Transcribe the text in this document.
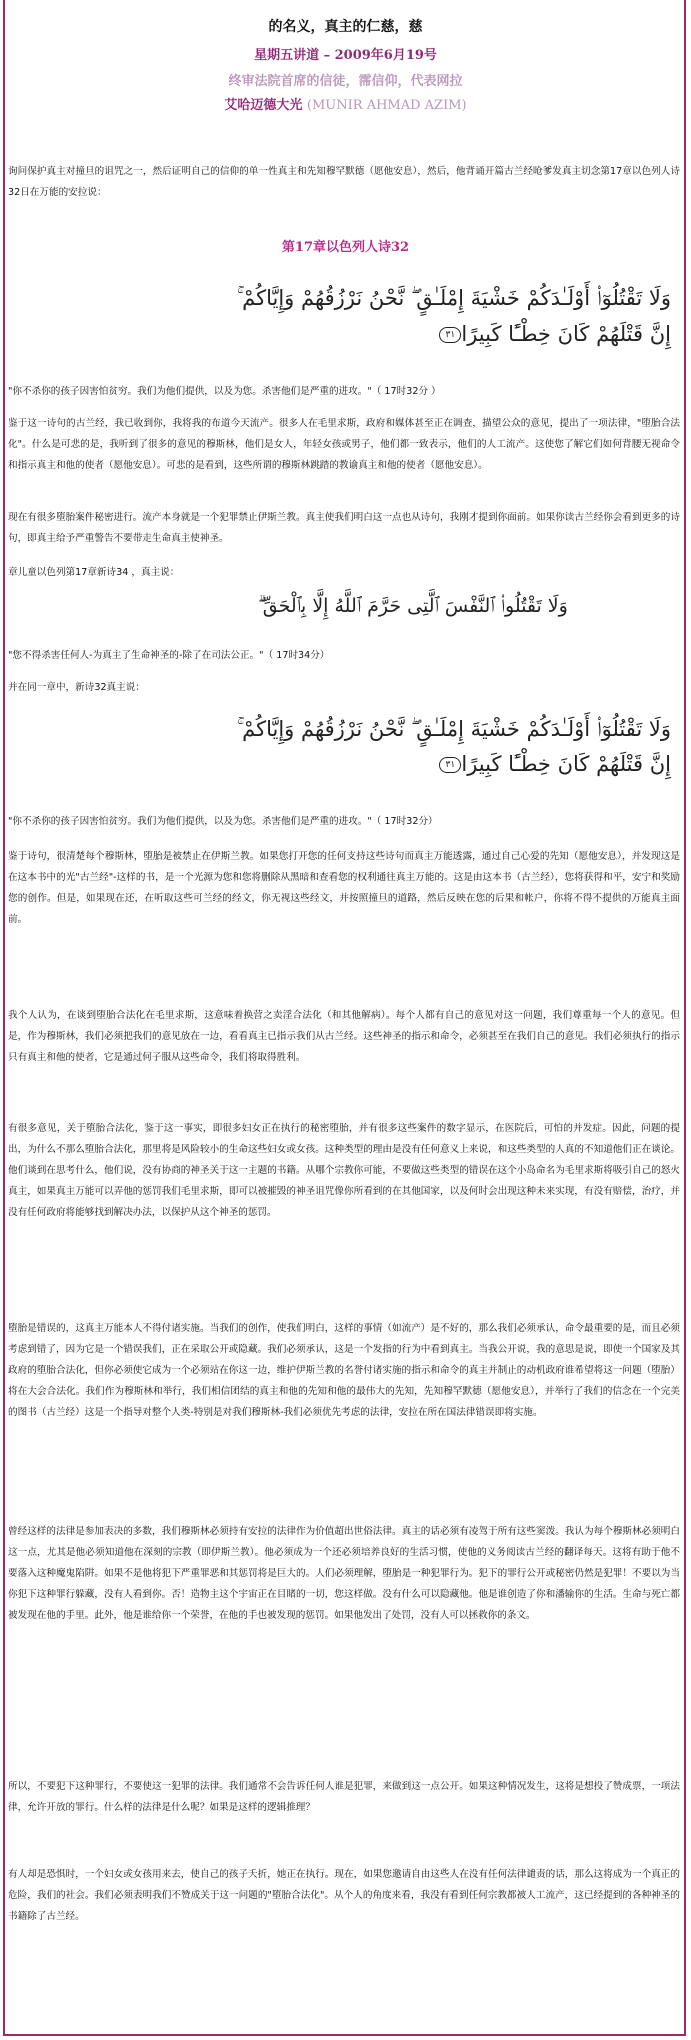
的名义，真主的仁慈，慈
星期五讲道 – 2009年6月19号
终审法院首席的信徒，霈信仰，代表网拉
艾哈迈德大光 (MUNIR AHMAD AZIM)

询问保护真主对撞旦的诅咒之一，然后证明自己的信仰的单一性真主和先知穆罕默德（愿他安息），然后，他背诵开篇古兰经呛爹发真主切念第17章以色列人诗32日在万能的安拉说：

第17章以色列人诗32
وَلَا تَقْتُلُوٓا۟ أَوْلَـٰدَكُمْ خَشْيَةَ إِمْلَـٰقٍ ۖ نَّحْنُ نَرْزُقُهُمْ وَإِيَّاكُمْ ۚ
إِنَّ قَتْلَهُمْ كَانَ خِطْـًٔا كَبِيرًا٣١

"你不杀你的孩子因害怕贫穷。我们为他们提供，以及为您。杀害他们是严重的进攻。"（ 17时32分 ）

鉴于这一诗句的古兰经，我已收到你，我将我的布道今天流产。很多人在毛里求斯，政府和媒体甚至正在调查，描望公众的意见，提出了一项法律，"堕胎合法化"。什么是可悲的是，我听到了很多的意见的穆斯林，他们是女人，年轻女孩或男子，他们都一致表示，他们的人工流产。这使您了解它们如何背腰无视命令和指示真主和他的使者（愿他安息）。可悲的是看到，这些所谓的穆斯林跳踏的教谕真主和他的使者（愿他安息）。

现在有很多堕胎案件秘密进行。流产本身就是一个犯罪禁止伊斯兰教。真主使我们明白这一点也从诗句，我刚才提到你面前。如果你读古兰经你会看到更多的诗句，即真主给予严重警告不要带走生命真主使神圣。

章儿童以色列第17章新诗34 ，真主说：

وَلَا تَقْتُلُوا۟ ٱلنَّفْسَ ٱلَّتِى حَرَّمَ ٱللَّهُ إِلَّا بِٱلْحَقِّ ۗ

"您不得杀害任何人-为真主了生命神圣的-除了在司法公正。"（ 17时34分）

并在同一章中，新诗32真主说：

وَلَا تَقْتُلُوٓا۟ أَوْلَـٰدَكُمْ خَشْيَةَ إِمْلَـٰقٍ ۖ نَّحْنُ نَرْزُقُهُمْ وَإِيَّاكُمْ ۚ
إِنَّ قَتْلَهُمْ كَانَ خِطْـًٔا كَبِيرًا٣١

"你不杀你的孩子因害怕贫穷。我们为他们提供，以及为您。杀害他们是严重的进攻。"（ 17时32分）

鉴于诗句，很清楚每个穆斯林，堕胎是被禁止在伊斯兰教。如果您打开您的任何支持这些诗句而真主万能透露，通过自己心爱的先知（愿他安息），并发现这是在这本书中的光"古兰经"-这样的书，是一个光源为您和您将删除从黑暗和查看您的权利通往真主万能的。这是由这本书（古兰经），您将获得和平，安宁和奖励您的创作。但是，如果现在还，在听取这些可兰经的经文，你无视这些经文，并按照撞旦的道路，然后反映在您的后果和帐户，你将不得不提供的万能真主面前。

我个人认为，在谈到堕胎合法化在毛里求斯，这意味着换营之卖淫合法化（和其他解病）。每个人都有自己的意见对这一问题，我们尊重每一个人的意见。但是，作为穆斯林，我们必须把我们的意见放在一边，看看真主已指示我们从古兰经。这些神圣的指示和命令，必须甚至在我们自己的意见。我们必须执行的指示只有真主和他的使者，它是通过何子服从这些命令，我们将取得胜利。

有很多意见，关于堕胎合法化，鉴于这一事实，即很多妇女正在执行的秘密堕胎，并有很多这些案件的数字显示，在医院后，可怕的并发症。因此，问题的提出，为什么不那么堕胎合法化，那里将是风险较小的生命这些妇女或女孩。这种类型的理由是没有任何意义上来说，和这些类型的人真的不知道他们正在谈论。他们谈到在思考什么，他们说，没有协商的神圣关于这一主题的书籍。从哪个宗教你可能，不要做这些类型的错误在这个小岛命名为毛里求斯将吸引自己的怒火真主，如果真主万能可以弄他的惩罚我们毛里求斯，即可以被摧毁的神圣诅咒像你所看到的在其他国家，以及何时会出现这种未来实现，有没有赔偿，治疗，并没有任何政府将能够找到解决办法，以保护从这个神圣的惩罚。

堕胎是错误的，这真主万能本人不得付诸实施。当我们的创作，使我们明白，这样的事情（如流产）是不好的，那么我们必须承认，命令最重要的是，而且必须考虑到错了，因为它是一个错误我们，正在采取公开或隐藏。我们必须承认，这是一个发指的行为中看到真主。当我公开说，我的意思是说，即使一个国家及其政府的堕胎合法化，但你必须使它成为一个必须站在你这一边，维护伊斯兰教的名誉付诸实施的指示和命令的真主并制止的动机政府谁希望将这一问题（堕胎）将在大会合法化。我们作为穆斯林和举行，我们相信团结的真主和他的先知和他的最伟大的先知，先知穆罕默德（愿他安息），并举行了我们的信念在一个完美的图书（古兰经）这是一个指导对整个人类-特别是对我们穆斯林-我们必须优先考虑的法律，安拉在所在国法律错误即将实施。

曾经这样的法律是参加表决的多数，我们穆斯林必须持有安拉的法律作为价值超出世俗法律。真主的话必须有凌驾于所有这些窦泼。我认为每个穆斯林必须明白这一点，尤其是他必须知道他在深刻的宗教（即伊斯兰教）。他必须成为一个还必须培养良好的生活习惯，使他的义务阅读古兰经的翻译每天。这将有助于他不要落入这种魔鬼陷阱。如果不是他将犯下严重罪恶和其惩罚将是巨大的。人们必须理解，堕胎是一种犯罪行为。犯下的罪行公开或秘密仍然是犯罪！不要以为当你犯下这种罪行躲藏，没有人看到你。否！造物主这个宇宙正在目睹的一切，您这样做。没有什么可以隐藏他。他是谁创造了你和潘输你的生活。生命与死亡都被发现在他的手里。此外，他是谁给你一个荣誉，在他的手也被发现的惩罚。如果他发出了处罚，没有人可以拯救你的条文。

所以，不要犯下这种罪行，不要使这一犯罪的法律。我们通常不会告诉任何人谁是犯罪，来做到这一点公开。如果这种情况发生，这将是想投了赞成票，一项法律，允许开放的罪行。什么样的法律是什么呢？如果是这样的逻辑推理？

有人却是恐惧时，一个妇女或女孩用来去，使自己的孩子夭折，她正在执行。现在，如果您邀请自由这些人在没有任何法律谴责的话，那么这将成为一个真正的危险，我们的社会。我们必须表明我们不赞成关于这一问题的"堕胎合法化"。从个人的角度来看，我没有看到任何宗教都被人工流产，这已经提到的各种神圣的书籍除了古兰经。
